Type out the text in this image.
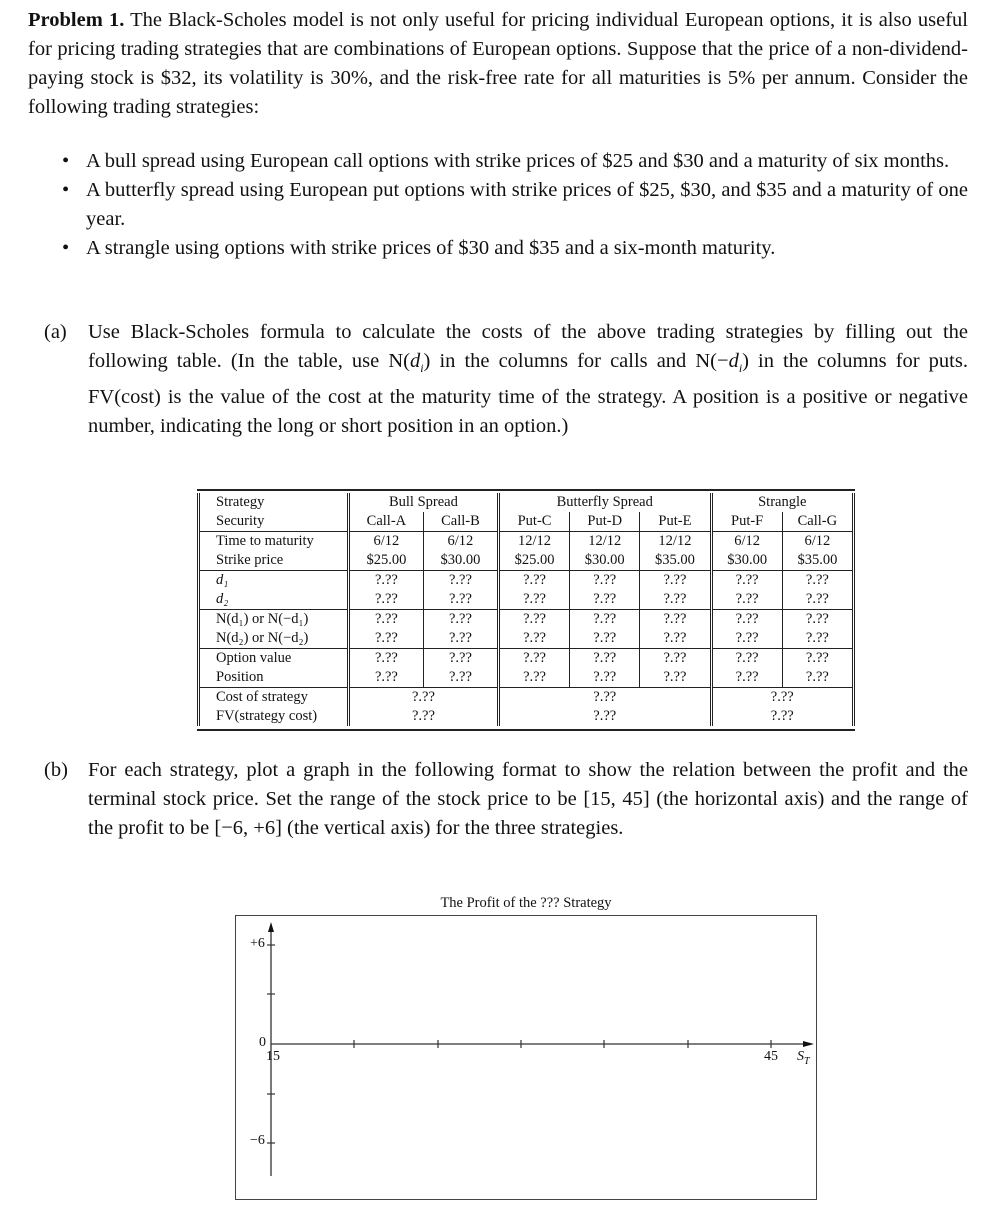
Problem 1. The Black-Scholes model is not only useful for pricing individual European options, it is also useful for pricing trading strategies that are combinations of European options. Suppose that the price of a non-dividend-paying stock is $32, its volatility is 30%, and the risk-free rate for all maturities is 5% per annum. Consider the following trading strategies:
• A bull spread using European call options with strike prices of $25 and $30 and a maturity of six months.
• A butterfly spread using European put options with strike prices of $25, $30, and $35 and a maturity of one year.
• A strangle using options with strike prices of $30 and $35 and a six-month maturity.
(a) Use Black-Scholes formula to calculate the costs of the above trading strategies by filling out the following table. (In the table, use $N(d_i)$ in the columns for calls and $N(-d_i)$ in the columns for puts. FV(cost) is the value of the cost at the maturity time of the strategy. A position is a positive or negative number, indicating the long or short position in an option.)
Strategy	Bull Spread		Butterfly Spread			Strangle	
Security	Call-A	Call-B	Put-C	Put-D	Put-E	Put-F	Call-G
Time to maturity	6/12	6/12	12/12	12/12	12/12	6/12	6/12
Strike price	$25.00	$30.00	$25.00	$30.00	$35.00	$30.00	$35.00
d₁	?.??	?.??	?.??	?.??	?.??	?.??	?.??
d₂	?.??	?.??	?.??	?.??	?.??	?.??	?.??
N(d₁) or N(−d₁)	?.??	?.??	?.??	?.??	?.??	?.??	?.??
N(d₂) or N(−d₂)	?.??	?.??	?.??	?.??	?.??	?.??	?.??
Option value	?.??	?.??	?.??	?.??	?.??	?.??	?.??
Position	?.??	?.??	?.??	?.??	?.??	?.??	?.??
Cost of strategy	?.??		?.??			?.??	
FV(strategy cost)	?.??		?.??			?.??	
(b) For each strategy, plot a graph in the following format to show the relation between the profit and the terminal stock price. Set the range of the stock price to be [15, 45] (the horizontal axis) and the range of the profit to be [−6, +6] (the vertical axis) for the three strategies.
The Profit of the ??? Strategy
+6
0
−6
15	45 $S_T$
